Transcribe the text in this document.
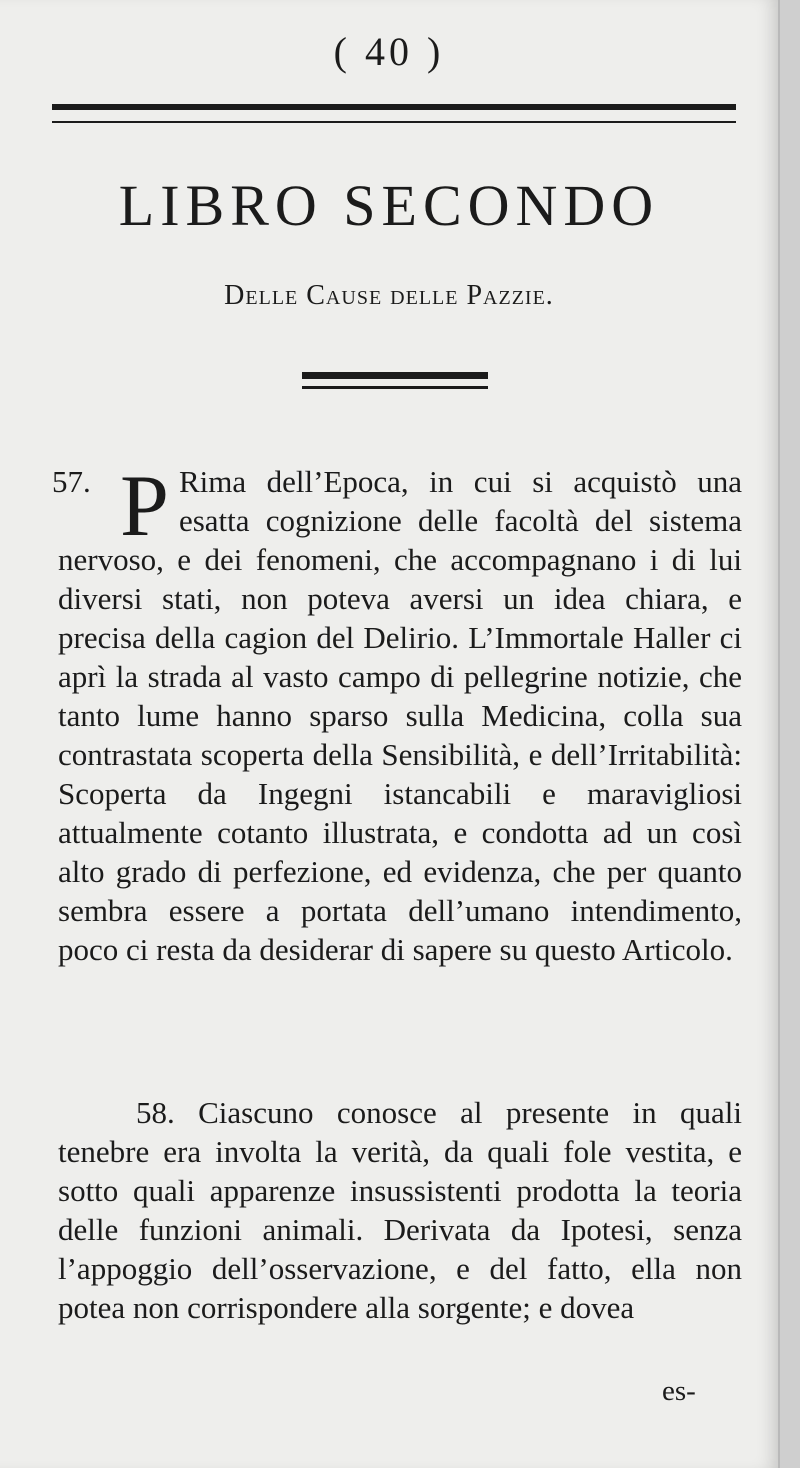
( 40 )
LIBRO SECONDO
Delle Cause delle Pazzie.
P
57.	Rima dell’Epoca, in cui si acquistò una esatta cognizione delle facoltà del sistema nervoso, e dei fenomeni, che accompagnano i di lui diversi stati, non poteva aversi un idea chiara, e precisa della cagion del Delirio. L’Immortale Haller ci aprì la strada al vasto campo di pellegrine notizie, che tanto lume hanno sparso sulla Medicina, colla sua contrastata scoperta della Sensibilità, e dell’Irritabilità: Scoperta da Ingegni istancabili e maravigliosi attualmente cotanto illustrata, e condotta ad un così alto grado di perfezione, ed evidenza, che per quanto sembra essere a portata dell’umano intendimento, poco ci resta da desiderar di sapere su questo Articolo.
58. Ciascuno conosce al presente in quali tenebre era involta la verità, da quali fole vestita, e sotto quali apparenze insussistenti prodotta la teoria delle funzioni animali. Derivata da Ipotesi, senza l’appoggio dell’osservazione, e del fatto, ella non potea non corrispondere alla sorgente; e dovea
es-
